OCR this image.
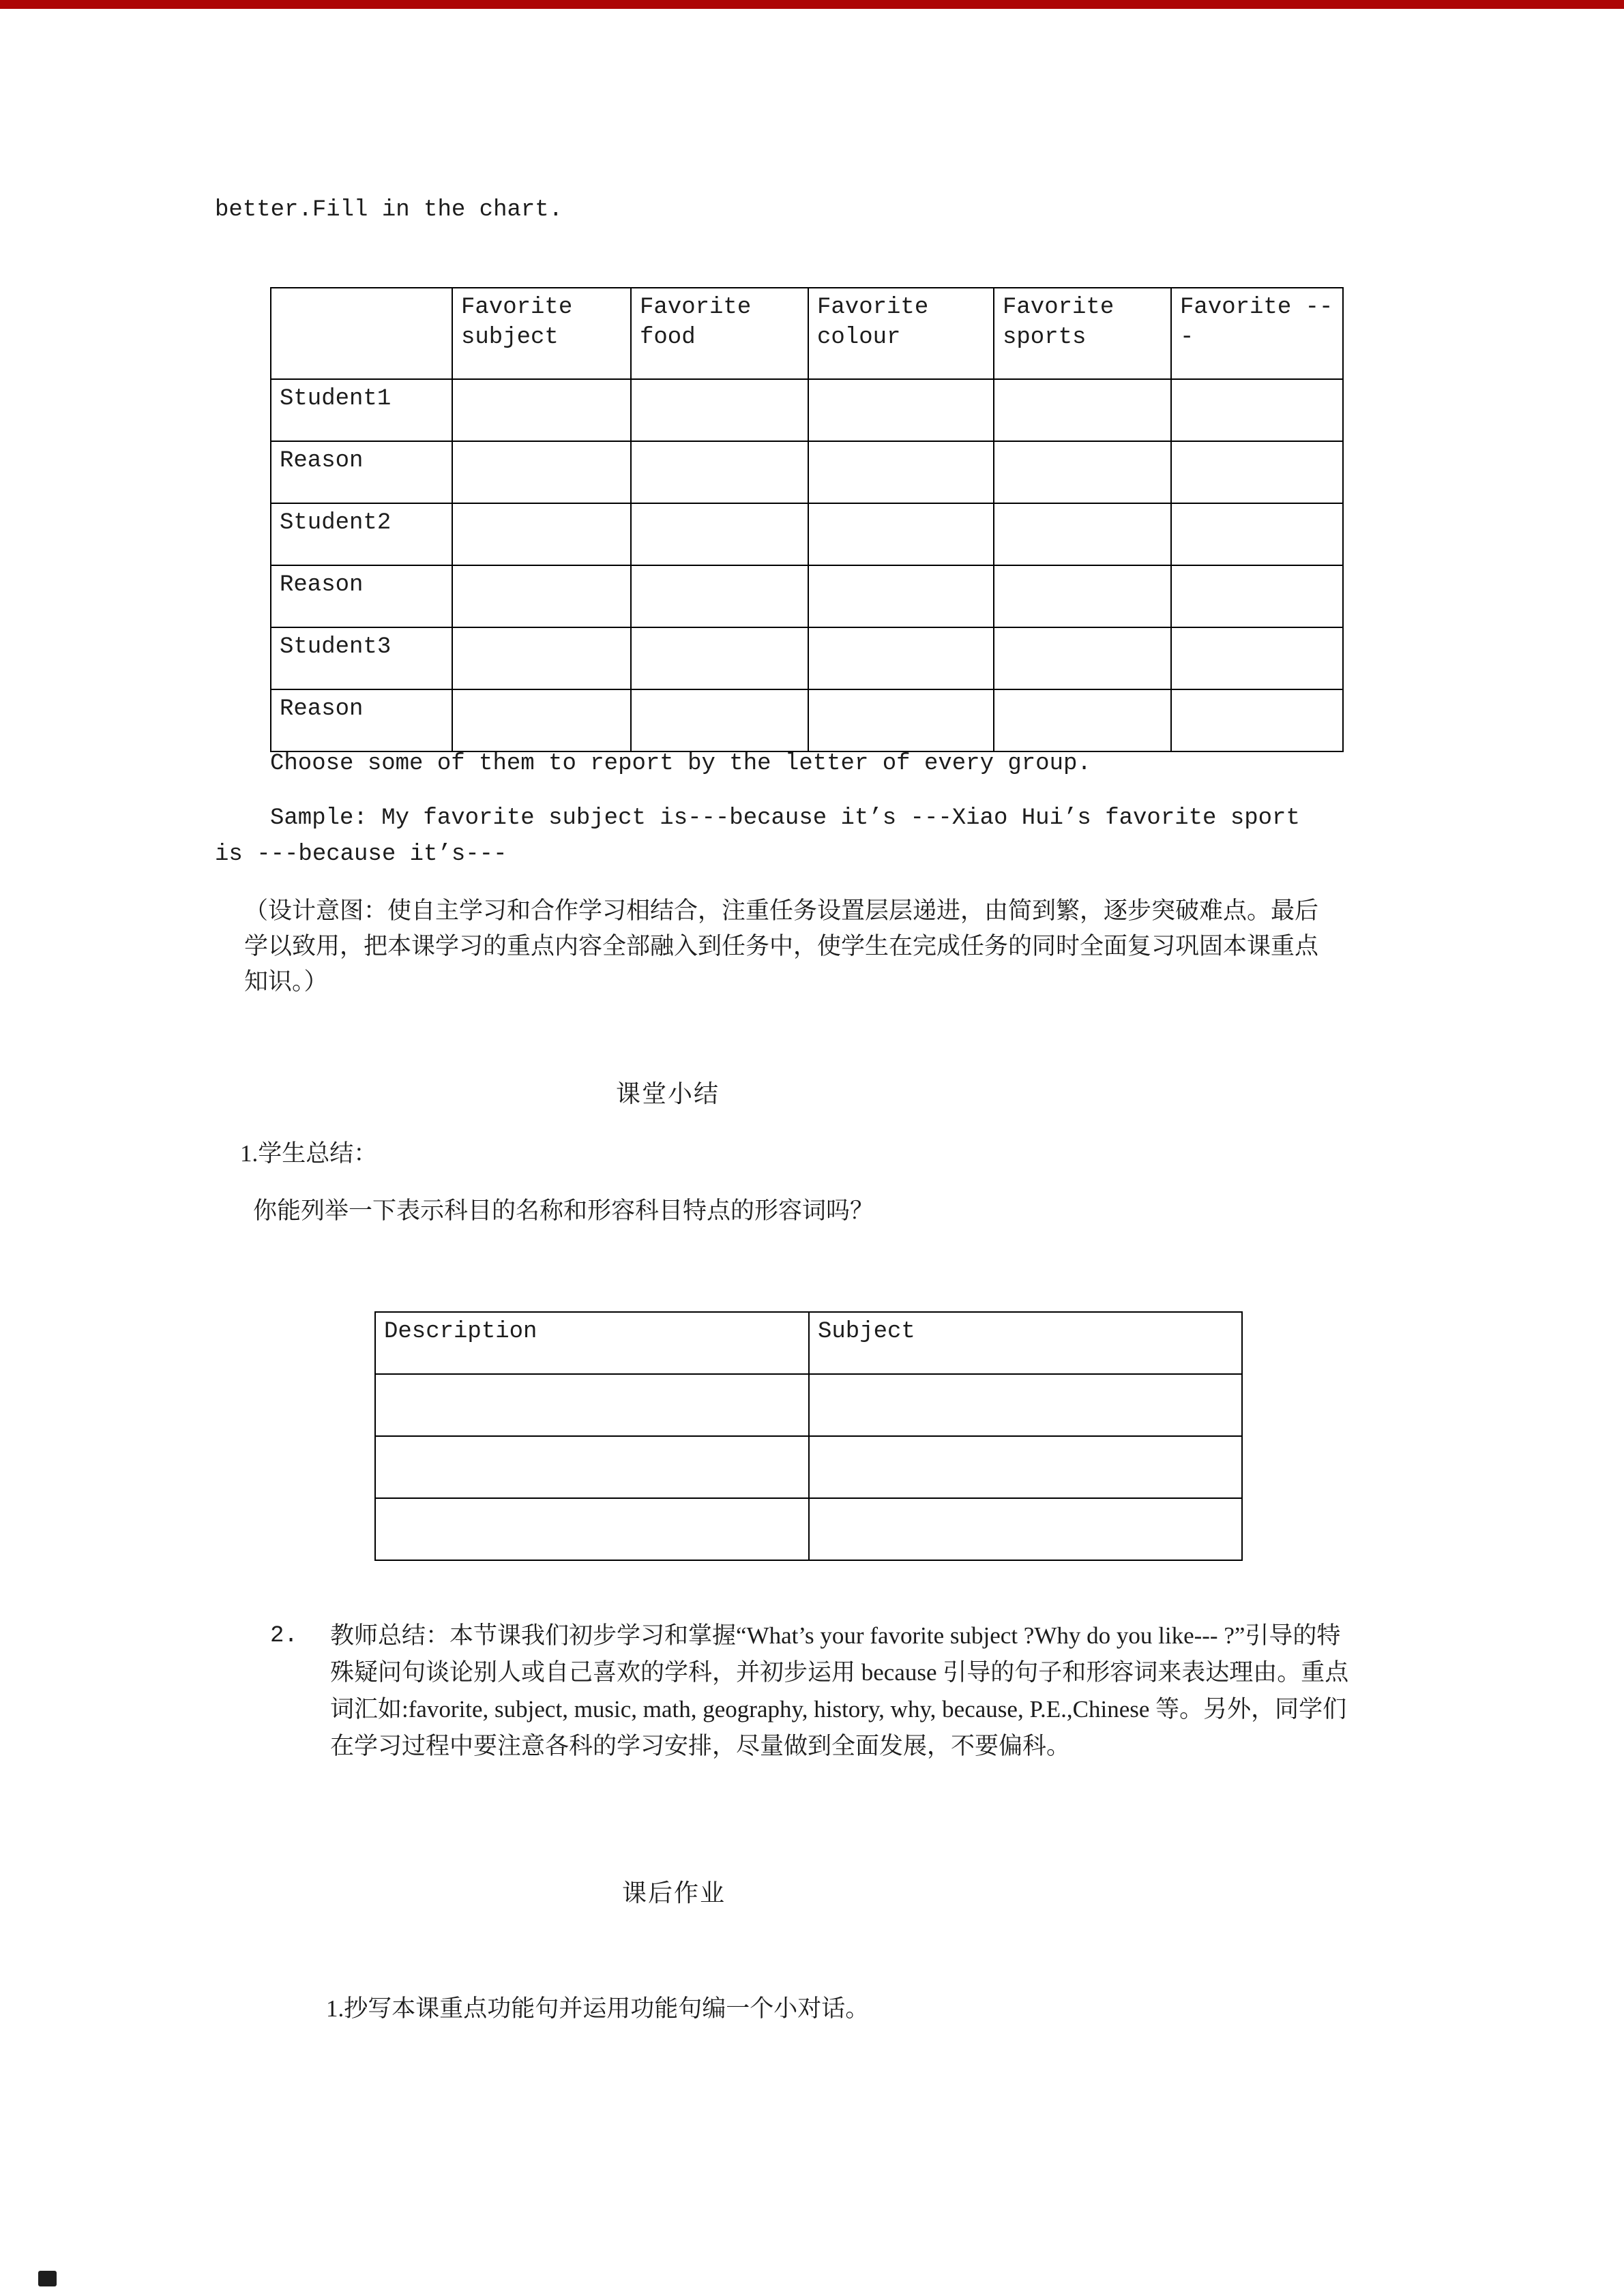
better.Fill in the chart.
	Favorite subject	Favorite food	Favorite colour	Favorite sports	Favorite ---
Student1					
Reason					
Student2					
Reason					
Student3					
Reason					
Choose some of them to report by the letter of every group.
Sample: My favorite subject is---because it’s ---Xiao Hui’s favorite sport
is ---because it’s---
（设计意图：使自主学习和合作学习相结合，注重任务设置层层递进，由简到繁，逐步突破难点。最后学以致用，把本课学习的重点内容全部融入到任务中，使学生在完成任务的同时全面复习巩固本课重点知识。）
课堂小结
1.学生总结：
你能列举一下表示科目的名称和形容科目特点的形容词吗？
Description	Subject

2.	教师总结：本节课我们初步学习和掌握“What’s your favorite subject ?Why do you like--- ?”引导的特殊疑问句谈论别人或自己喜欢的学科，并初步运用 because 引导的句子和形容词来表达理由。重点词汇如:favorite, subject, music, math, geography, history, why, because, P.E.,Chinese 等。另外，同学们在学习过程中要注意各科的学习安排，尽量做到全面发展，不要偏科。
课后作业
1.抄写本课重点功能句并运用功能句编一个小对话。
